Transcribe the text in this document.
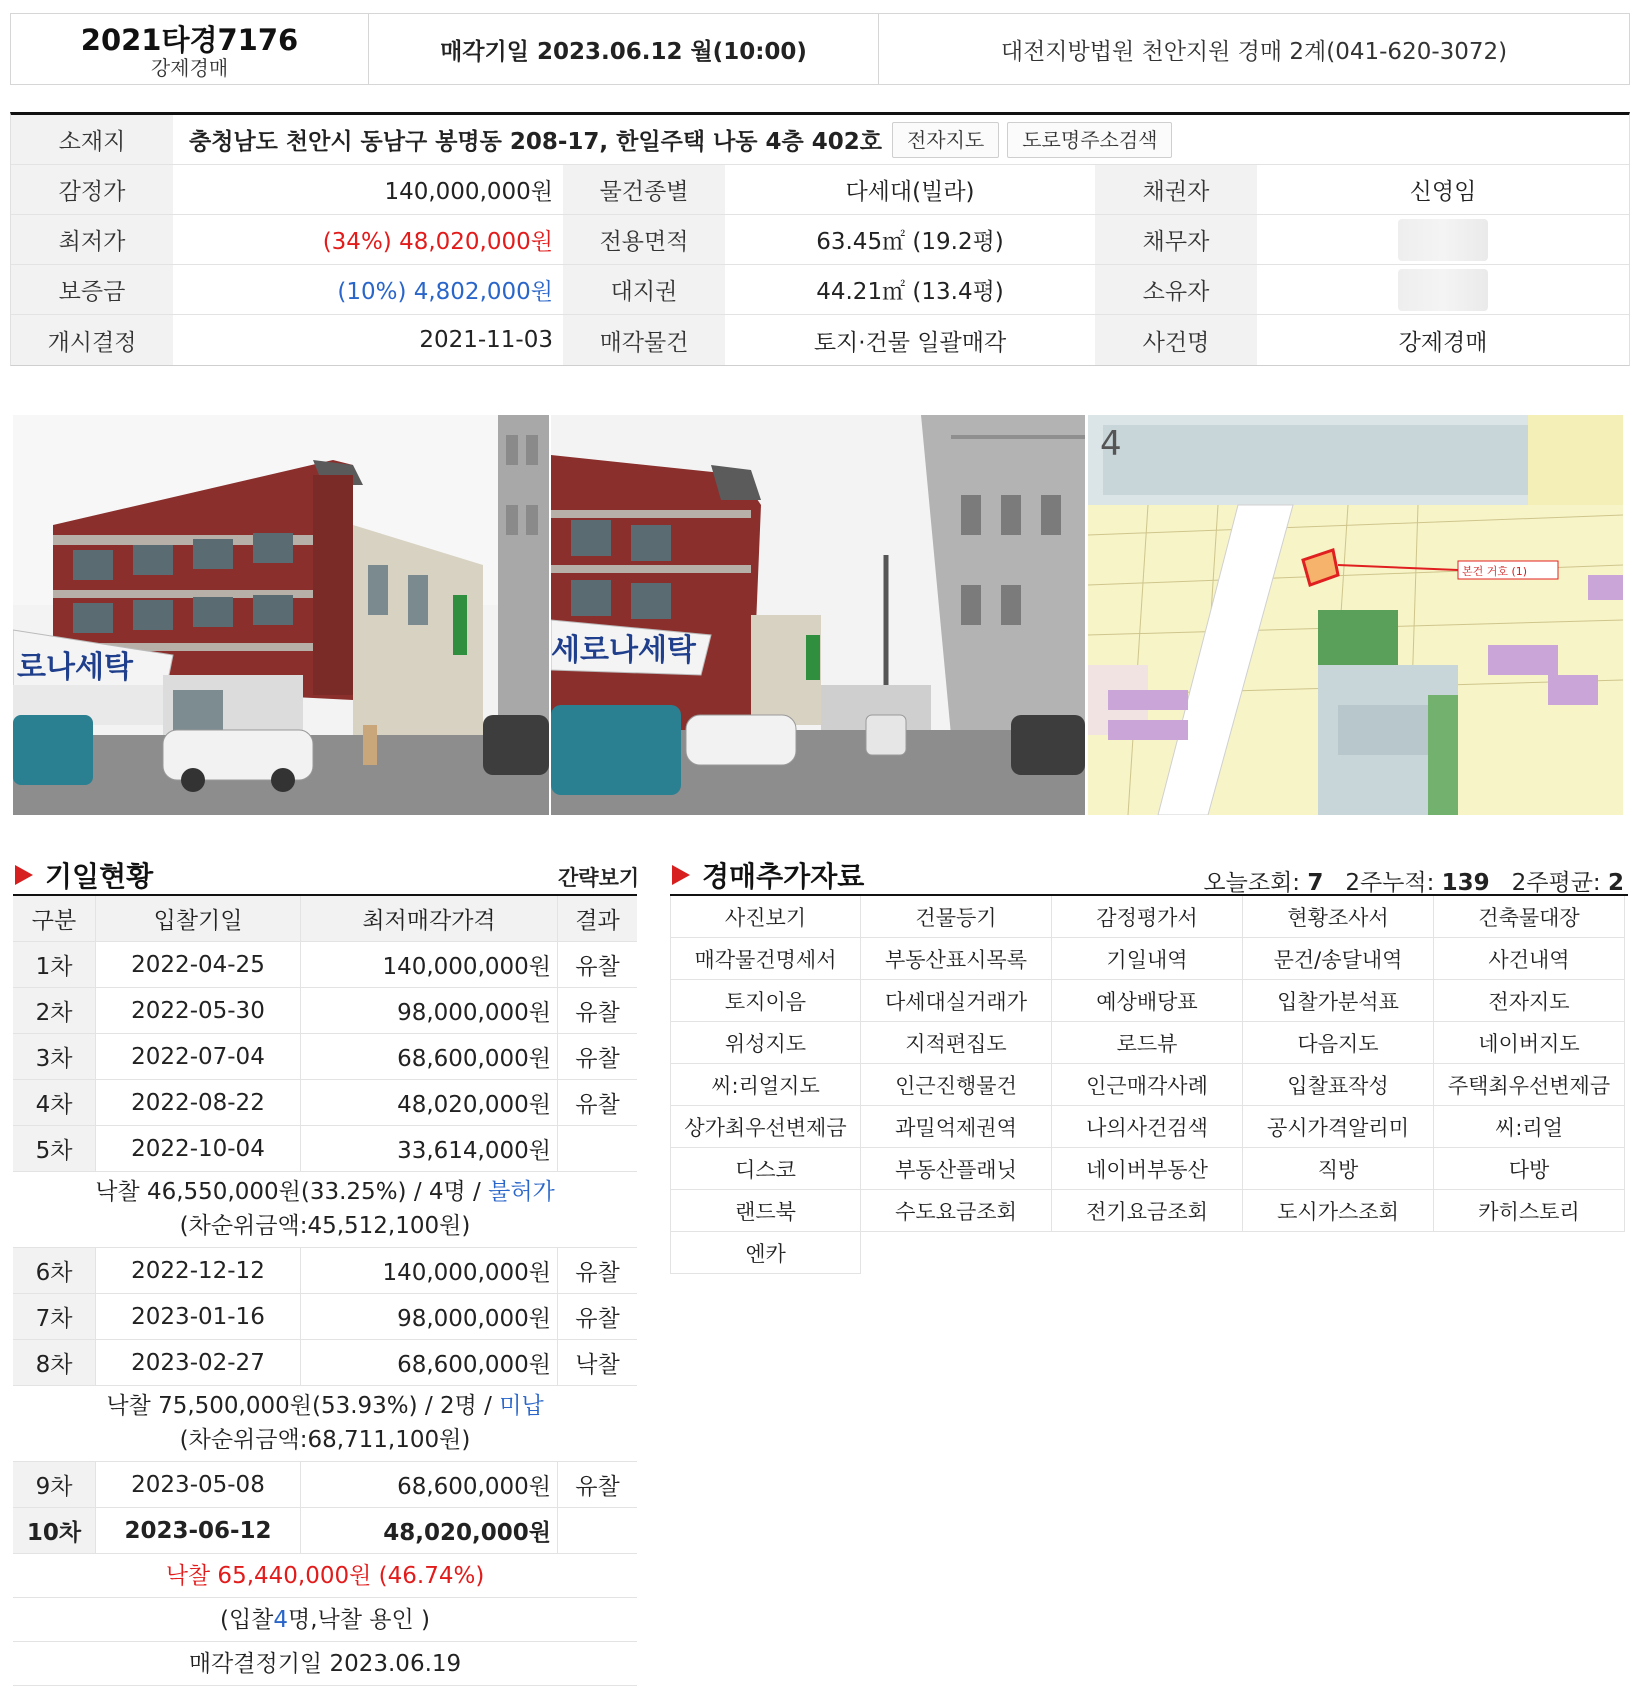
2021타경7176
강제경매
매각기일 2023.06.12 월(10:00)	대전지방법원 천안지원 경매 2계(041-620-3072)
소재지	충청남도 천안시 동남구 봉명동 208-17, 한일주택 나동 4층 402호	전자지도	도로명주소검색
감정가	140,000,000원	물건종별	다세대(빌라)	채권자	신영임
최저가	(34%) 48,020,000원	전용면적	63.45㎡ (19.2평)	채무자
보증금	(10%) 4,802,000원	대지권	44.21㎡ (13.4평)	소유자
개시결정	2021-11-03	매각물건	토지·건물 일괄매각	사건명	강제경매
로나세탁	세로나세탁
4
본건 거호 (1)
기일현황	간략보기
구분	입찰기일	최저매각가격	결과
1차	2022-04-25	140,000,000원	유찰
2차	2022-05-30	98,000,000원	유찰
3차	2022-07-04	68,600,000원	유찰
4차	2022-08-22	48,020,000원	유찰
5차	2022-10-04	33,614,000원
낙찰 46,550,000원(33.25%) / 4명 / 불허가
(차순위금액:45,512,100원)
6차	2022-12-12	140,000,000원	유찰
7차	2023-01-16	98,000,000원	유찰
8차	2023-02-27	68,600,000원	낙찰
낙찰 75,500,000원(53.93%) / 2명 / 미납
(차순위금액:68,711,100원)
9차	2023-05-08	68,600,000원	유찰
10차	2023-06-12	48,020,000원
낙찰 65,440,000원 (46.74%)
(입찰4명,낙찰 용인 )
매각결정기일 2023.06.19
경매추가자료	오늘조회: 7 2주누적: 139 2주평균: 2
사진보기	건물등기	감정평가서	현황조사서	건축물대장
매각물건명세서	부동산표시목록	기일내역	문건/송달내역	사건내역
토지이음	다세대실거래가	예상배당표	입찰가분석표	전자지도
위성지도	지적편집도	로드뷰	다음지도	네이버지도
씨:리얼지도	인근진행물건	인근매각사례	입찰표작성	주택최우선변제금
상가최우선변제금	과밀억제권역	나의사건검색	공시가격알리미	씨:리얼
디스코	부동산플래닛	네이버부동산	직방	다방
랜드북	수도요금조회	전기요금조회	도시가스조회	카히스토리
엔카
